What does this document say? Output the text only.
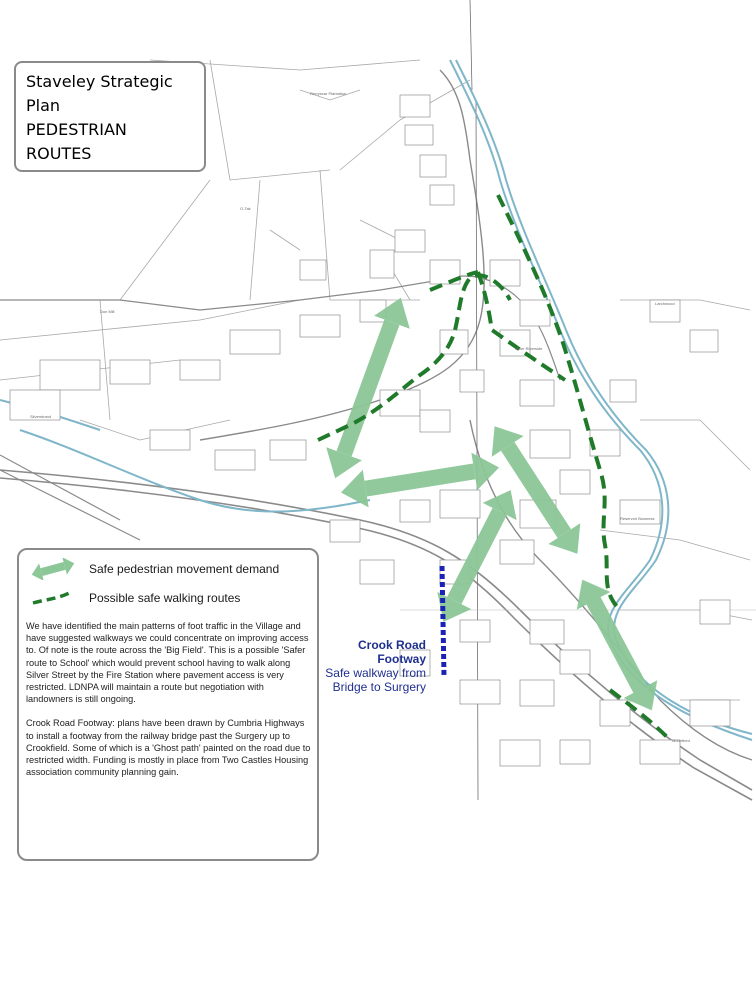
Rerryscar Plantation
O-Tak
Larchwood
Miller Riverside
Reservoir Bowness
Don Mill
Silverstrand
Mountbed
Staveley Strategic
Plan
PEDESTRIAN
ROUTES
Safe pedestrian movement demand
Possible safe walking routes

We have identified the main patterns of foot traffic in the Village and have suggested walkways we could concentrate on improving access to. Of note is the route across the 'Big Field'. This is a possible 'Safer route to School' which would prevent school having to walk along Silver Street by the Fire Station where pavement access is very restricted. LDNPA will maintain a route but negotiation with landowners is still ongoing.

Crook Road Footway: plans have been drawn by Cumbria Highways to install a footway from the railway bridge past the Surgery up to Crookfield. Some of which is a 'Ghost path' painted on the road due to restricted width. Funding is mostly in place from Two Castles Housing association community planning gain.

Crook Road
Footway
Safe walkway from
Bridge to Surgery
